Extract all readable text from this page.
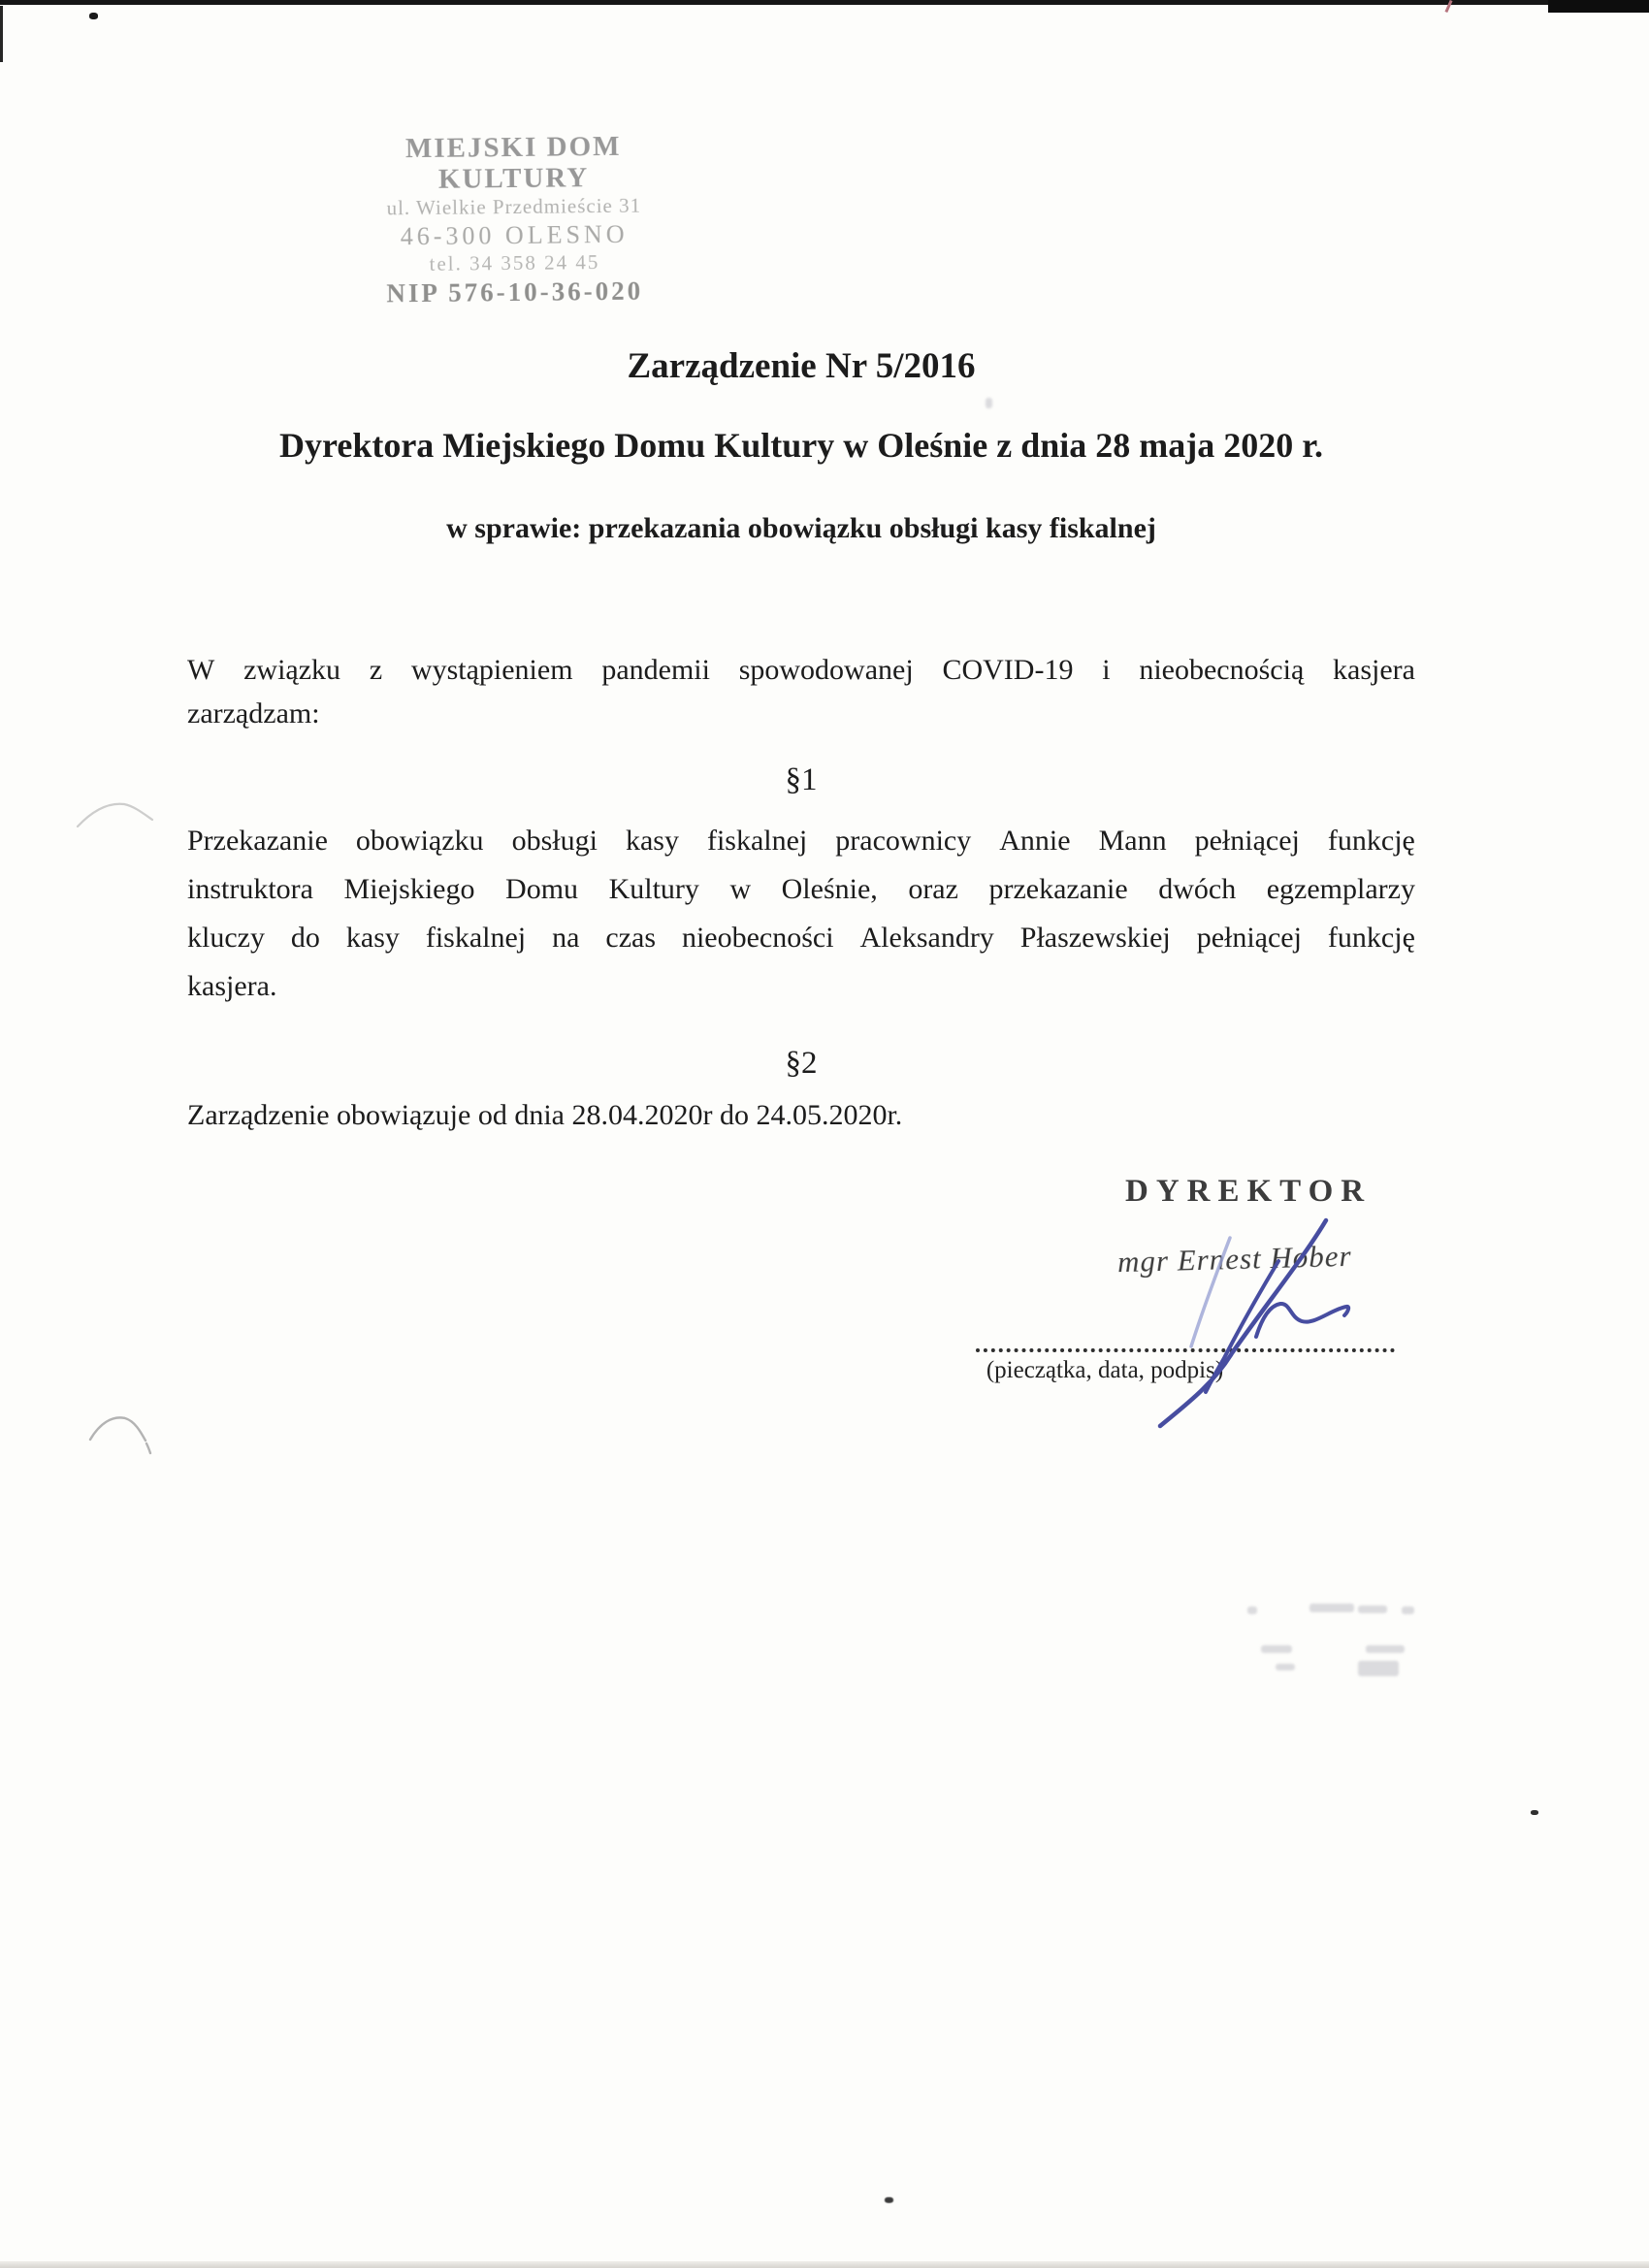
MIEJSKI DOM KULTURY
ul. Wielkie Przedmieście 31
46-300 OLESNO
tel. 34 358 24 45
NIP 576-10-36-020
Zarządzenie Nr 5/2016
Dyrektora Miejskiego Domu Kultury w Oleśnie z dnia 28 maja 2020 r.
w sprawie: przekazania obowiązku obsługi kasy fiskalnej
W związku z wystąpieniem pandemii spowodowanej COVID-19 i nieobecnością kasjera
zarządzam:
§1
Przekazanie obowiązku obsługi kasy fiskalnej pracownicy Annie Mann pełniącej funkcję
instruktora Miejskiego Domu Kultury w Oleśnie, oraz przekazanie dwóch egzemplarzy
kluczy do kasy fiskalnej na czas nieobecności Aleksandry Płaszewskiej pełniącej funkcję
kasjera.
§2
Zarządzenie obowiązuje od dnia 28.04.2020r do 24.05.2020r.
DYREKTOR
mgr Ernest Hober
(pieczątka, data, podpis)
